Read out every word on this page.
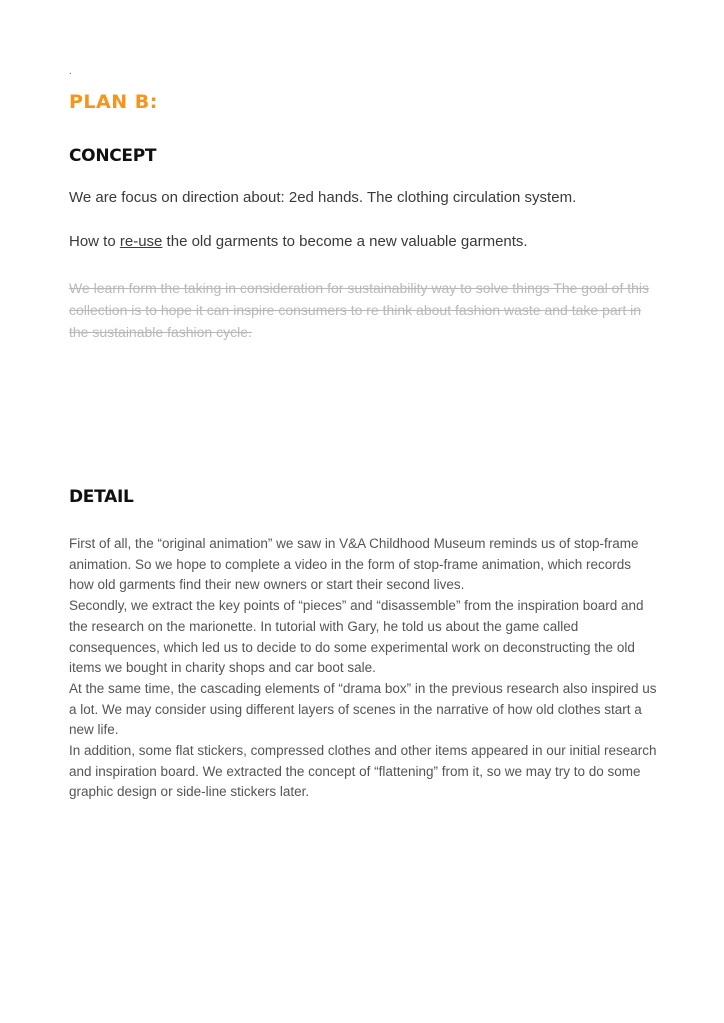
.
PLAN B:
CONCEPT

We are focus on direction about: 2ed hands. The clothing circulation system.

How to re-use the old garments to become a new valuable garments.

We learn form the taking in consideration for sustainability way to solve things The goal of this collection is to hope it can inspire consumers to re think about fashion waste and take part in the sustainable fashion cycle.

DETAIL
First of all, the “original animation” we saw in V&A Childhood Museum reminds us of stop-frame animation. So we hope to complete a video in the form of stop-frame animation, which records how old garments find their new owners or start their second lives.
Secondly, we extract the key points of “pieces” and “disassemble” from the inspiration board and the research on the marionette. In tutorial with Gary, he told us about the game called consequences, which led us to decide to do some experimental work on deconstructing the old items we bought in charity shops and car boot sale.
At the same time, the cascading elements of “drama box” in the previous research also inspired us a lot. We may consider using different layers of scenes in the narrative of how old clothes start a new life.
In addition, some flat stickers, compressed clothes and other items appeared in our initial research and inspiration board. We extracted the concept of “flattening” from it, so we may try to do some graphic design or side-line stickers later.
